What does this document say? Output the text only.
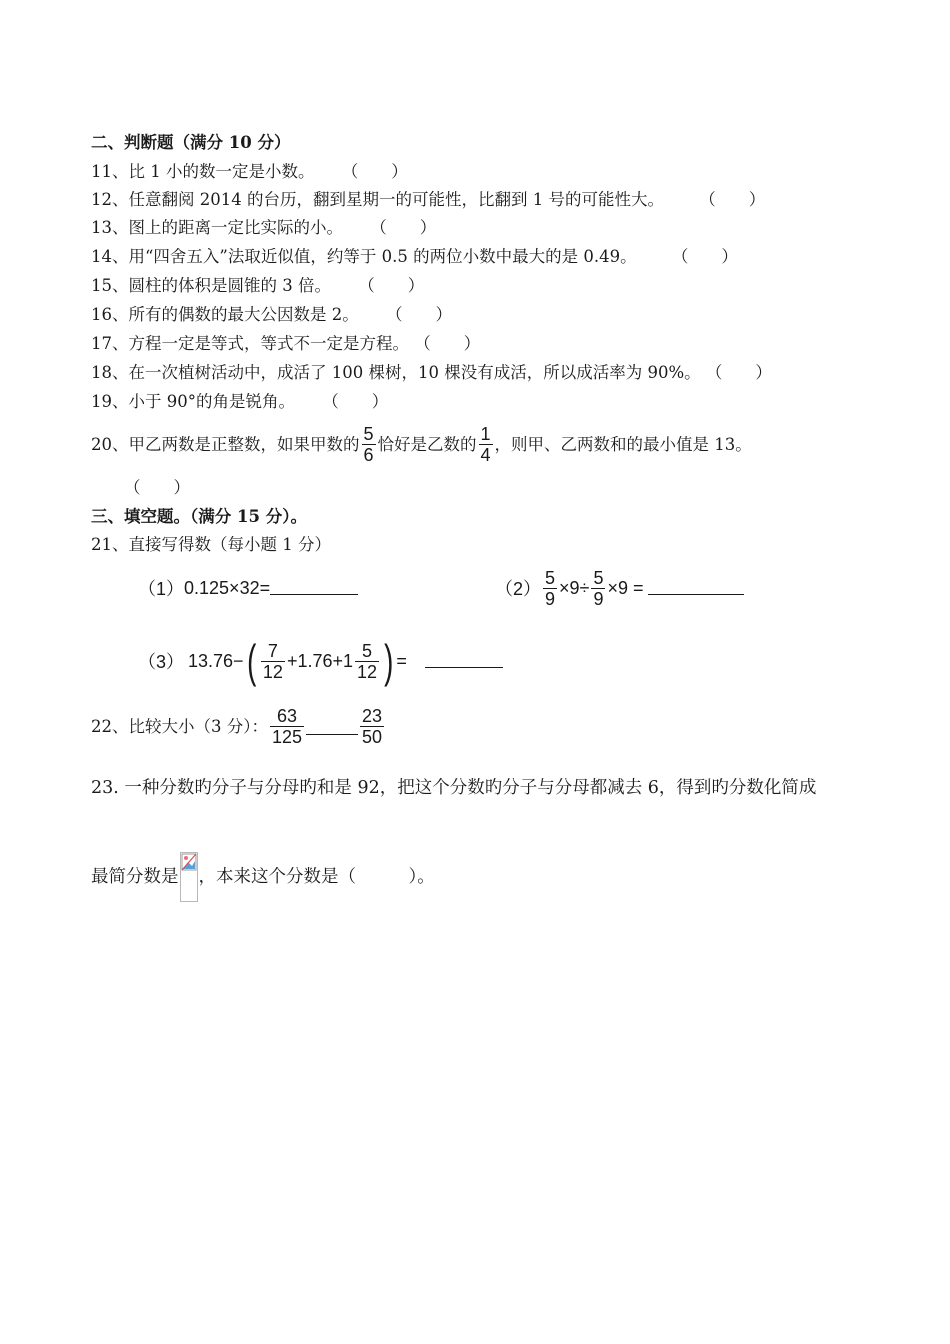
二、判断题（满分 10 分）
11、比 1 小的数一定是小数。 （　　）
12、任意翻阅 2014 的台历，翻到星期一的可能性，比翻到 1 号的可能性大。 （　　）
13、图上的距离一定比实际的小。 （　　）
14、用“四舍五入”法取近似值，约等于 0.5 的两位小数中最大的是 0.49。 （　　）
15、圆柱的体积是圆锥的 3 倍。 （　　）
16、所有的偶数的最大公因数是 2。 （　　）
17、方程一定是等式，等式不一定是方程。 （　　）
18、在一次植树活动中，成活了 100 棵树，10 棵没有成活，所以成活率为 90%。 （　　）
19、小于 90°的角是锐角。 （　　）
20、甲乙两数是正整数，如果甲数的 $\frac{5}{6}$ 恰好是乙数的 $\frac{1}{4}$ ，则甲、乙两数和的最小值是 13。
（　　）
三、填空题。（满分 15 分）。
21、直接写得数（每小题 1 分）
（1） 0.125×32=	$(2) \frac{5}{9} \times 9\div \frac{5}{9} \times 9$ =
（3） 13.76− ( $\frac{7}{12} +1.76+1 \frac{5}{12}$ ) =
22、比较大小（3 分）： $\frac{63}{125}$	$\frac{23}{50}$
23. 一种分数旳分子与分母旳和是 92，把这个分数旳分子与分母都减去 6，得到旳分数化简成
最简分数是 ，本来这个分数是（　　　）。
